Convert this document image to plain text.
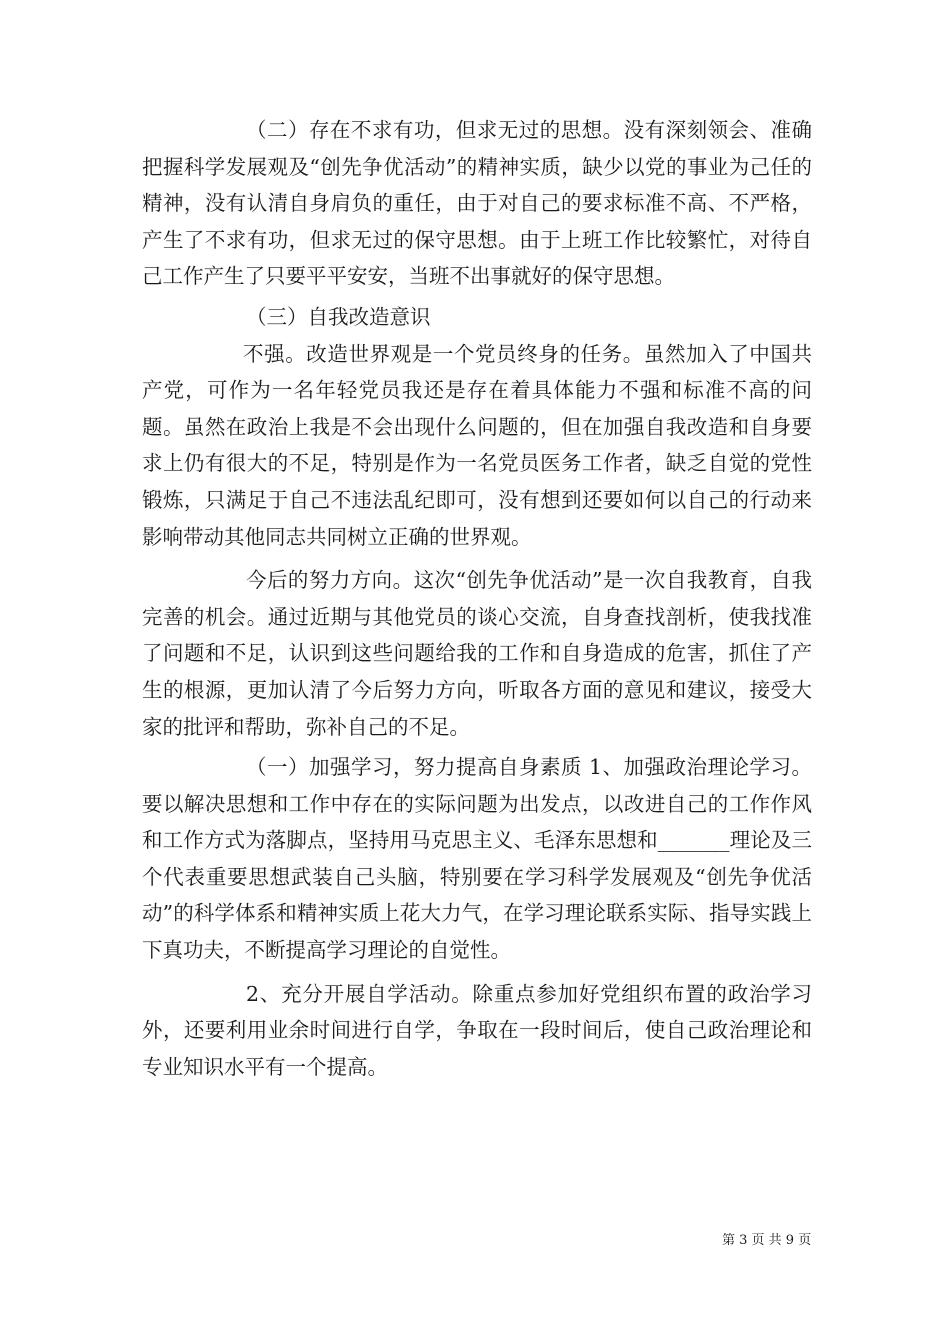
（二）存在不求有功，但求无过的思想。没有深刻领会、准确把握科学发展观及“创先争优活动”的精神实质，缺少以党的事业为己任的精神，没有认清自身肩负的重任，由于对自己的要求标准不高、不严格，产生了不求有功，但求无过的保守思想。由于上班工作比较繁忙，对待自己工作产生了只要平平安安，当班不出事就好的保守思想。

（三）自我改造意识

不强。改造世界观是一个党员终身的任务。虽然加入了中国共产党，可作为一名年轻党员我还是存在着具体能力不强和标准不高的问题。虽然在政治上我是不会出现什么问题的，但在加强自我改造和自身要求上仍有很大的不足，特别是作为一名党员医务工作者，缺乏自觉的党性锻炼，只满足于自己不违法乱纪即可，没有想到还要如何以自己的行动来影响带动其他同志共同树立正确的世界观。

今后的努力方向。这次“创先争优活动”是一次自我教育，自我完善的机会。通过近期与其他党员的谈心交流，自身查找剖析，使我找准了问题和不足，认识到这些问题给我的工作和自身造成的危害，抓住了产生的根源，更加认清了今后努力方向，听取各方面的意见和建议，接受大家的批评和帮助，弥补自己的不足。

（一）加强学习，努力提高自身素质 1、加强政治理论学习。要以解决思想和工作中存在的实际问题为出发点，以改进自己的工作作风和工作方式为落脚点，坚持用马克思主义、毛泽东思想和_______理论及三个代表重要思想武装自己头脑，特别要在学习科学发展观及“创先争优活动”的科学体系和精神实质上花大力气，在学习理论联系实际、指导实践上下真功夫，不断提高学习理论的自觉性。

2、充分开展自学活动。除重点参加好党组织布置的政治学习外，还要利用业余时间进行自学，争取在一段时间后，使自己政治理论和专业知识水平有一个提高。

第 3 页 共 9 页
